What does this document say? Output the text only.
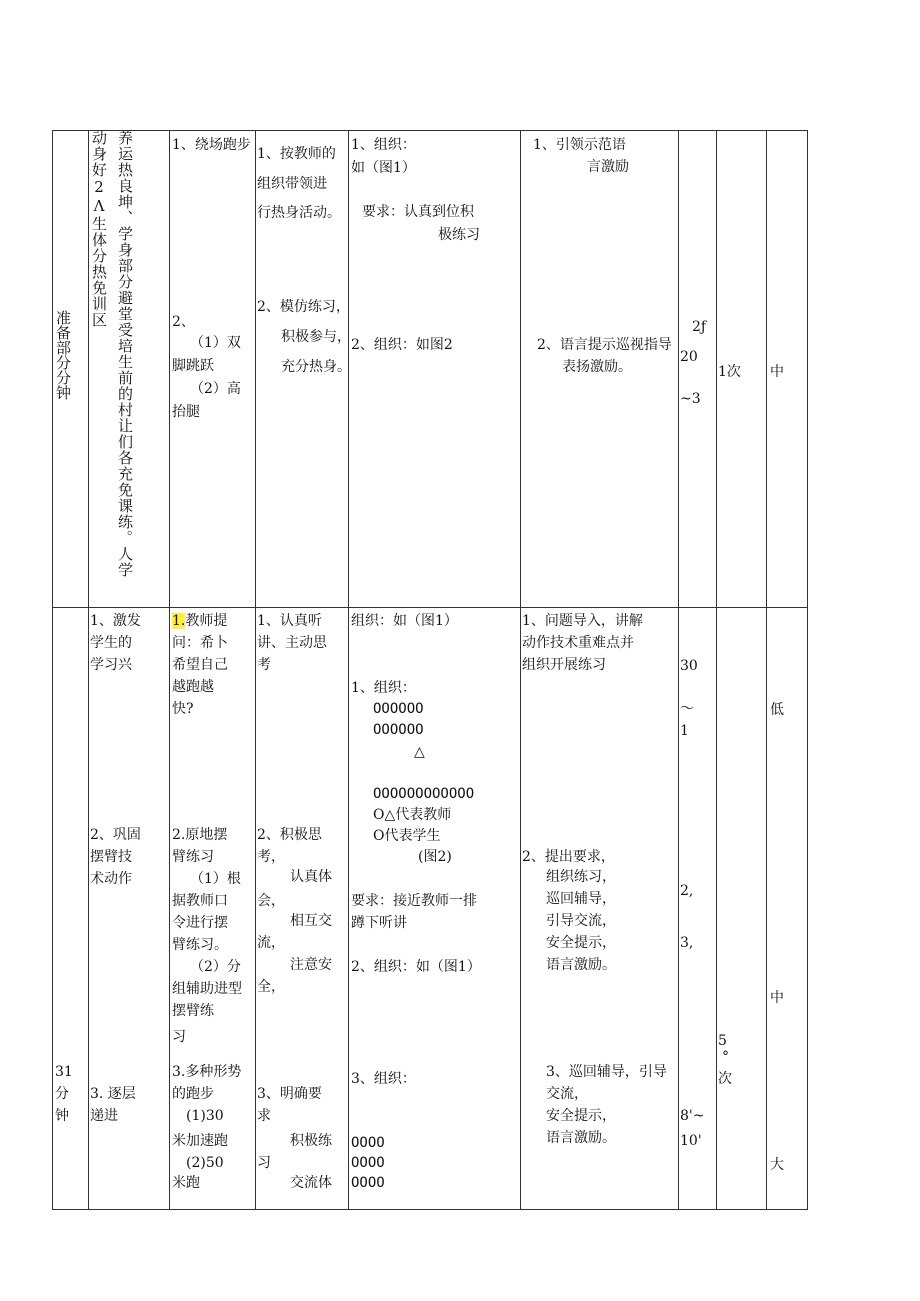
准备部分分钟
动身好2Λ生体分热免训区 养运热良坤、学身部分避堂受培生前的村让们各充免课练。人学	1、绕场跑步
2、
（1）双
脚跳跃
（2）高
抬腿
1、按教师的
组织带领进
行热身活动。
2、模仿练习，
积极参与，
充分热身。
1、组织：
如（图1）
要求：认真到位积
极练习
2、组织：如图2
1、引领示范语
言激励
2、语言提示巡视指导
表扬激励。
2ƒ
20
~3
1次 中
31
分
钟
1、激发
学生的
学习兴
2、巩固
摆臂技
术动作
3. 逐层
递进
1.教师提
问：希卜
希望自己
越跑越
快?
2.原地摆
臂练习
（1）根
据教师口
令进行摆
臂练习。
（2）分
组辅助进型
摆臂练
习
3.多种形势
的跑步
(1)30
米加速跑
(2)50
米跑
1、认真听
讲、主动思
考
2、积极思
考，
认真体
会，
相互交
流，
注意安
全，
3、明确要
求
积极练
习
交流体
组织：如（图1）
1、组织：
OOOOOO
OOOOOO
△
OOOOOOOOOOOO
O△代表教师
O代表学生
(图2)
要求：接近教师一排
蹲下听讲
2、组织：如（图1）
3、组织：
OOOO
OOOO
OOOO
1、问题导入，讲解
动作技术重难点并
组织开展练习
2、提出要求，
组织练习，
巡回辅导，
引导交流，
安全提示，
语言激励。
3、巡回辅导，引导
交流，
安全提示，
语言激励。
30
〜
1
2,
3,
8'~
10'
5
°
次
低
中
大
